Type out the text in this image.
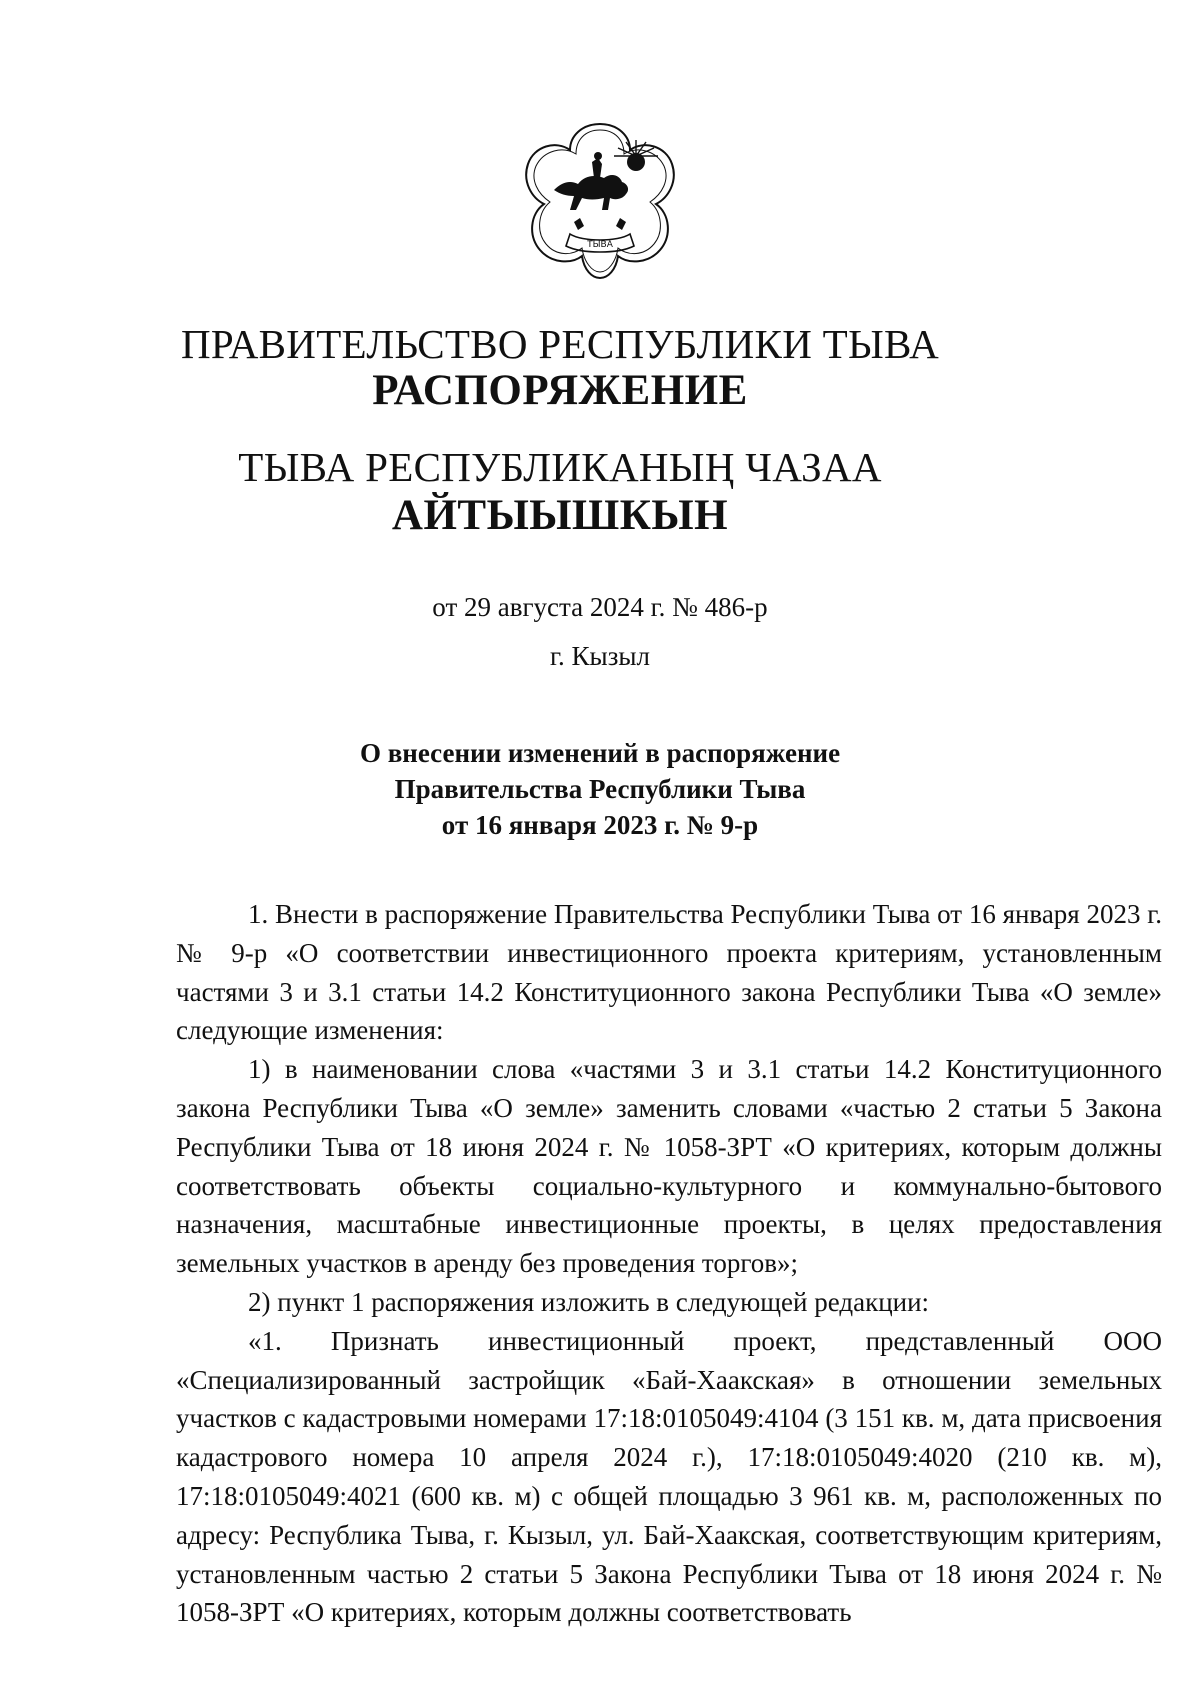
ТЫВА
ПРАВИТЕЛЬСТВО РЕСПУБЛИКИ ТЫВА
РАСПОРЯЖЕНИЕ
ТЫВА РЕСПУБЛИКАНЫҢ ЧАЗАА
АЙТЫЫШКЫН
от 29 августа 2024 г. № 486-р
г. Кызыл
О внесении изменений в распоряжение
Правительства Республики Тыва
от 16 января 2023 г. № 9-р

1. Внести в распоряжение Правительства Республики Тыва от 16 января 2023 г. № 9-р «О соответствии инвестиционного проекта критериям, установленным частями 3 и 3.1 статьи 14.2 Конституционного закона Республики Тыва «О земле» следующие изменения:

1) в наименовании слова «частями 3 и 3.1 статьи 14.2 Конституционного закона Республики Тыва «О земле» заменить словами «частью 2 статьи 5 Закона Республики Тыва от 18 июня 2024 г. № 1058-ЗРТ «О критериях, которым должны соответствовать объекты социально-культурного и коммунально-бытового назначения, масштабные инвестиционные проекты, в целях предоставления земельных участков в аренду без проведения торгов»;

2) пункт 1 распоряжения изложить в следующей редакции:

«1. Признать инвестиционный проект, представленный ООО «Специализированный застройщик «Бай-Хаакская» в отношении земельных участков с кадастровыми номерами 17:18:0105049:4104 (3 151 кв. м, дата присвоения кадастрового номера 10 апреля 2024 г.), 17:18:0105049:4020 (210 кв. м), 17:18:0105049:4021 (600 кв. м) с общей площадью 3 961 кв. м, расположенных по адресу: Республика Тыва, г. Кызыл, ул. Бай-Хаакская, соответствующим критериям, установленным частью 2 статьи 5 Закона Республики Тыва от 18 июня 2024 г. № 1058-ЗРТ «О критериях, которым должны соответствовать
